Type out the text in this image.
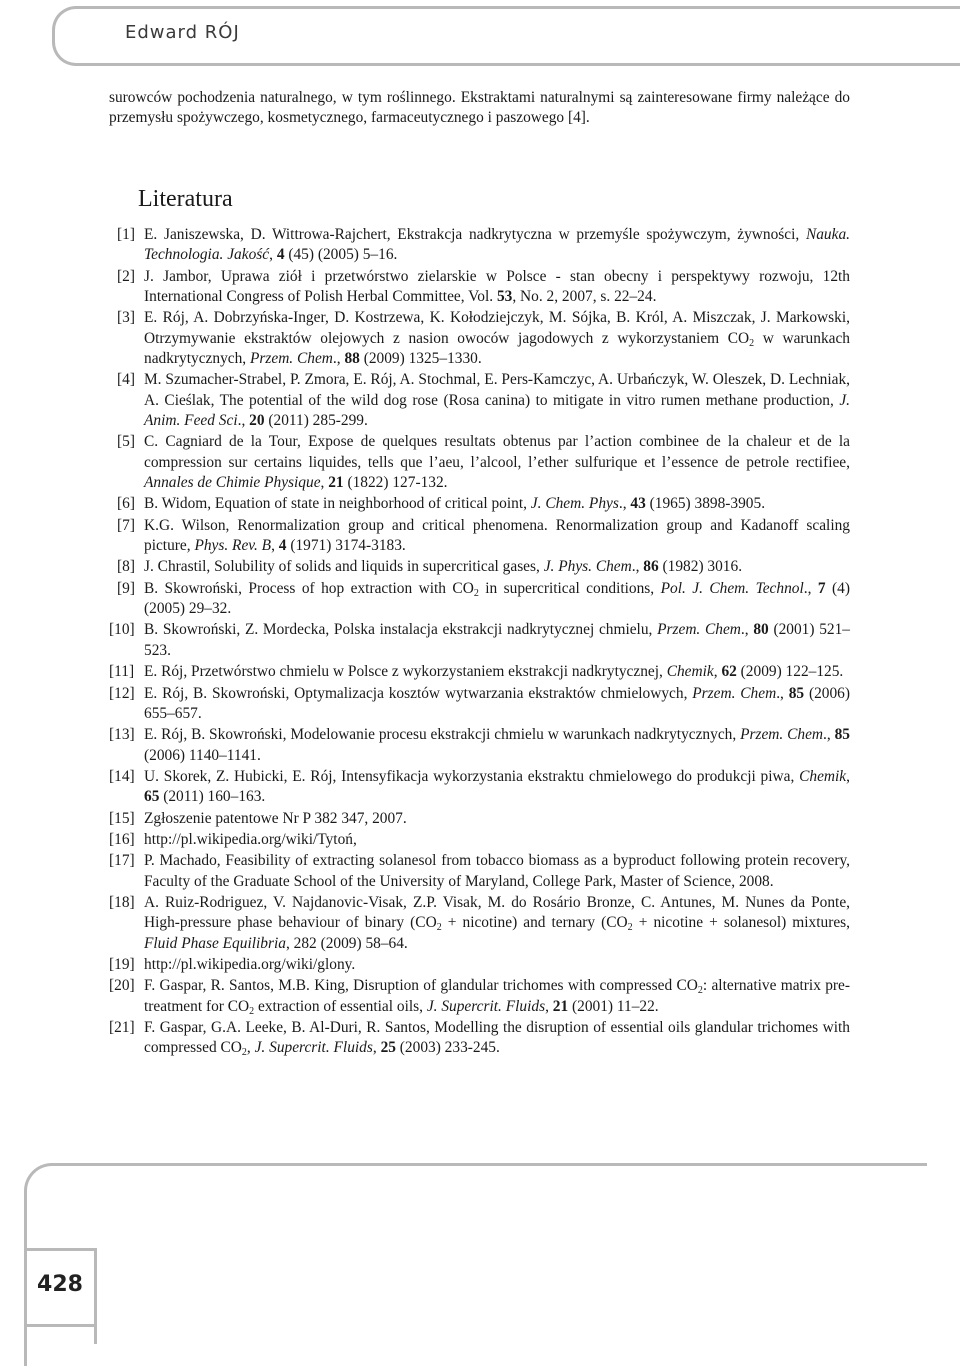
Edward RÓJ

surowców pochodzenia naturalnego, w tym roślinnego. Ekstraktami naturalnymi są zainteresowane firmy należące do przemysłu spożywczego, kosmetycznego, farmaceutycznego i paszowego [4].

Literatura
[1] E. Janiszewska, D. Wittrowa-Rajchert, Ekstrakcja nadkrytyczna w przemyśle spożywczym, żywności, Nauka. Technologia. Jakość, 4 (45) (2005) 5–16.
[2] J. Jambor, Uprawa ziół i przetwórstwo zielarskie w Polsce - stan obecny i perspektywy rozwoju, 12th International Congress of Polish Herbal Committee, Vol. 53, No. 2, 2007, s. 22–24.
[3] E. Rój, A. Dobrzyńska-Inger, D. Kostrzewa, K. Kołodziejczyk, M. Sójka, B. Król, A. Miszczak, J. Markowski, Otrzymywanie ekstraktów olejowych z nasion owoców jagodowych z wykorzystaniem $CO_2$ w warunkach nadkrytycznych, Przem. Chem., 88 (2009) 1325–1330.
[4] M. Szumacher-Strabel, P. Zmora, E. Rój, A. Stochmal, E. Pers-Kamczyc, A. Urbańczyk, W. Oleszek, D. Lechniak, A. Cieślak, The potential of the wild dog rose (Rosa canina) to mitigate in vitro rumen methane production, J. Anim. Feed Sci., 20 (2011) 285-299.
[5] C. Cagniard de la Tour, Expose de quelques resultats obtenus par l’action combinee de la chaleur et de la compression sur certains liquides, tells que l’aeu, l’alcool, l’ether sulfurique et l’essence de petrole rectifiee, Annales de Chimie Physique, 21 (1822) 127-132.
[6] B. Widom, Equation of state in neighborhood of critical point, J. Chem. Phys., 43 (1965) 3898-3905.
[7] K.G. Wilson, Renormalization group and critical phenomena. Renormalization group and Kadanoff scaling picture, Phys. Rev. B, 4 (1971) 3174-3183.
[8] J. Chrastil, Solubility of solids and liquids in supercritical gases, J. Phys. Chem., 86 (1982) 3016.
[9] B. Skowroński, Process of hop extraction with $CO_2$ in supercritical conditions, Pol. J. Chem. Technol., 7 (4) (2005) 29–32.
[10] B. Skowroński, Z. Mordecka, Polska instalacja ekstrakcji nadkrytycznej chmielu, Przem. Chem., 80 (2001) 521–523.
[11] E. Rój, Przetwórstwo chmielu w Polsce z wykorzystaniem ekstrakcji nadkrytycznej, Chemik, 62 (2009) 122–125.
[12] E. Rój, B. Skowroński, Optymalizacja kosztów wytwarzania ekstraktów chmielowych, Przem. Chem., 85 (2006) 655–657.
[13] E. Rój, B. Skowroński, Modelowanie procesu ekstrakcji chmielu w warunkach nadkrytycznych, Przem. Chem., 85 (2006) 1140–1141.
[14] U. Skorek, Z. Hubicki, E. Rój, Intensyfikacja wykorzystania ekstraktu chmielowego do produkcji piwa, Chemik, 65 (2011) 160–163.
[15] Zgłoszenie patentowe Nr P 382 347, 2007.
[16] http://pl.wikipedia.org/wiki/Tytoń,
[17] P. Machado, Feasibility of extracting solanesol from tobacco biomass as a byproduct following protein recovery, Faculty of the Graduate School of the University of Maryland, College Park, Master of Science, 2008.
[18] A. Ruiz-Rodriguez, V. Najdanovic-Visak, Z.P. Visak, M. do Rosário Bronze, C. Antunes, M. Nunes da Ponte, High-pressure phase behaviour of binary ($CO_2$ + nicotine) and ternary ($CO_2$ + nicotine + solanesol) mixtures, Fluid Phase Equilibria, 282 (2009) 58–64.
[19] http://pl.wikipedia.org/wiki/glony.
[20] F. Gaspar, R. Santos, M.B. King, Disruption of glandular trichomes with compressed $CO_2$: alternative matrix pre-treatment for $CO_2$ extraction of essential oils, J. Supercrit. Fluids, 21 (2001) 11–22.
[21] F. Gaspar, G.A. Leeke, B. Al-Duri, R. Santos, Modelling the disruption of essential oils glandular trichomes with compressed $CO_2$, J. Supercrit. Fluids, 25 (2003) 233-245.
428
